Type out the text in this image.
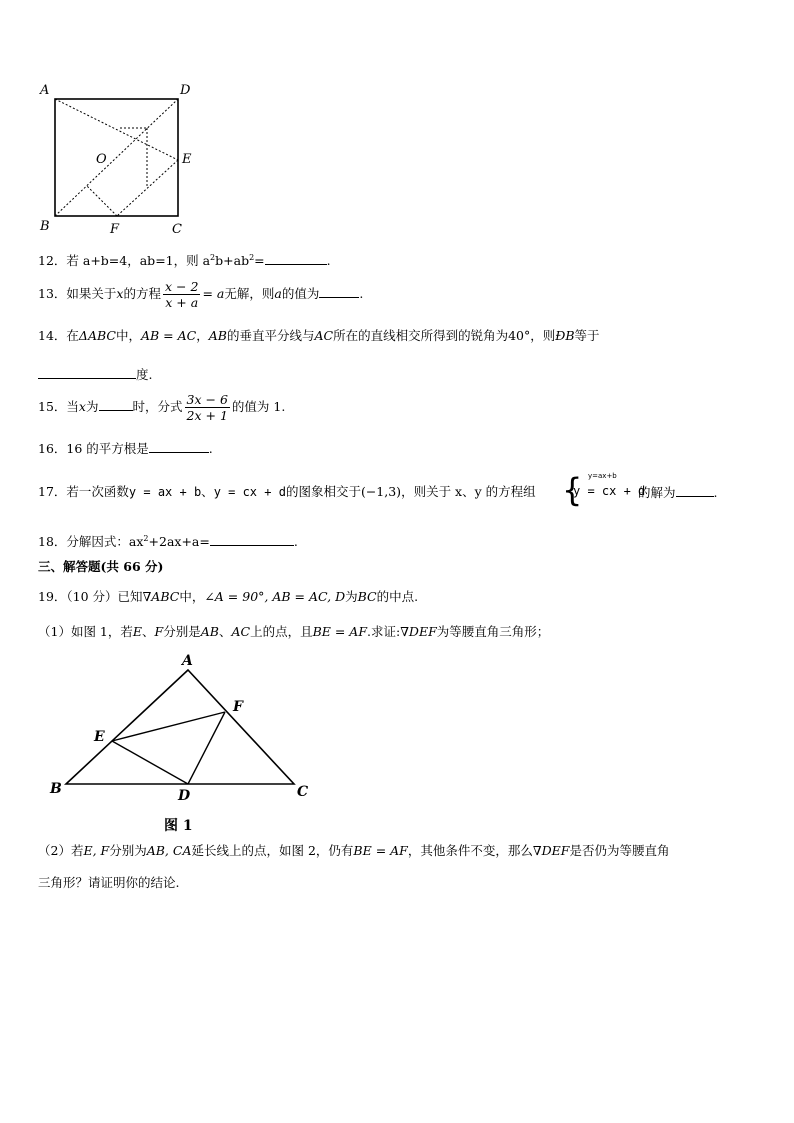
A	D
O	E
B	F	C
12．若 a+b=4，ab=1，则 $a^2b+ab^2=$	.
13．如果关于x的方程 $\frac{x - 2}{x + a} = a$无解，则a的值为	.
14．在ΔABC中，AB = AC，AB的垂直平分线与AC所在的直线相交所得到的锐角为40°，则ÐB等于
度.
15．当x为	时，分式 $\frac{3x - 6}{2x + 1}$ 的值为 1.
16．16 的平方根是	.
17．若一次函数y = ax + b、y = cx + d的图象相交于(−1,3)，则关于 x、y 的方程组 { y=ax+b
y = cx + d
的解为	.
18．分解因式：$ax^2+2ax+a=$	.
三、解答题(共 66 分)
19．（10 分）已知∇ABC中，∠A = 90°, AB = AC, D为BC的中点.
（1）如图 1，若E、F分别是AB、AC上的点，且BE = AF.求证:∇DEF为等腰直角三角形；
A
F
E
B	D	C
图 1
（2）若E, F分别为AB, CA延长线上的点，如图 2，仍有BE = AF，其他条件不变，那么∇DEF是否仍为等腰直角
三角形？请证明你的结论.
